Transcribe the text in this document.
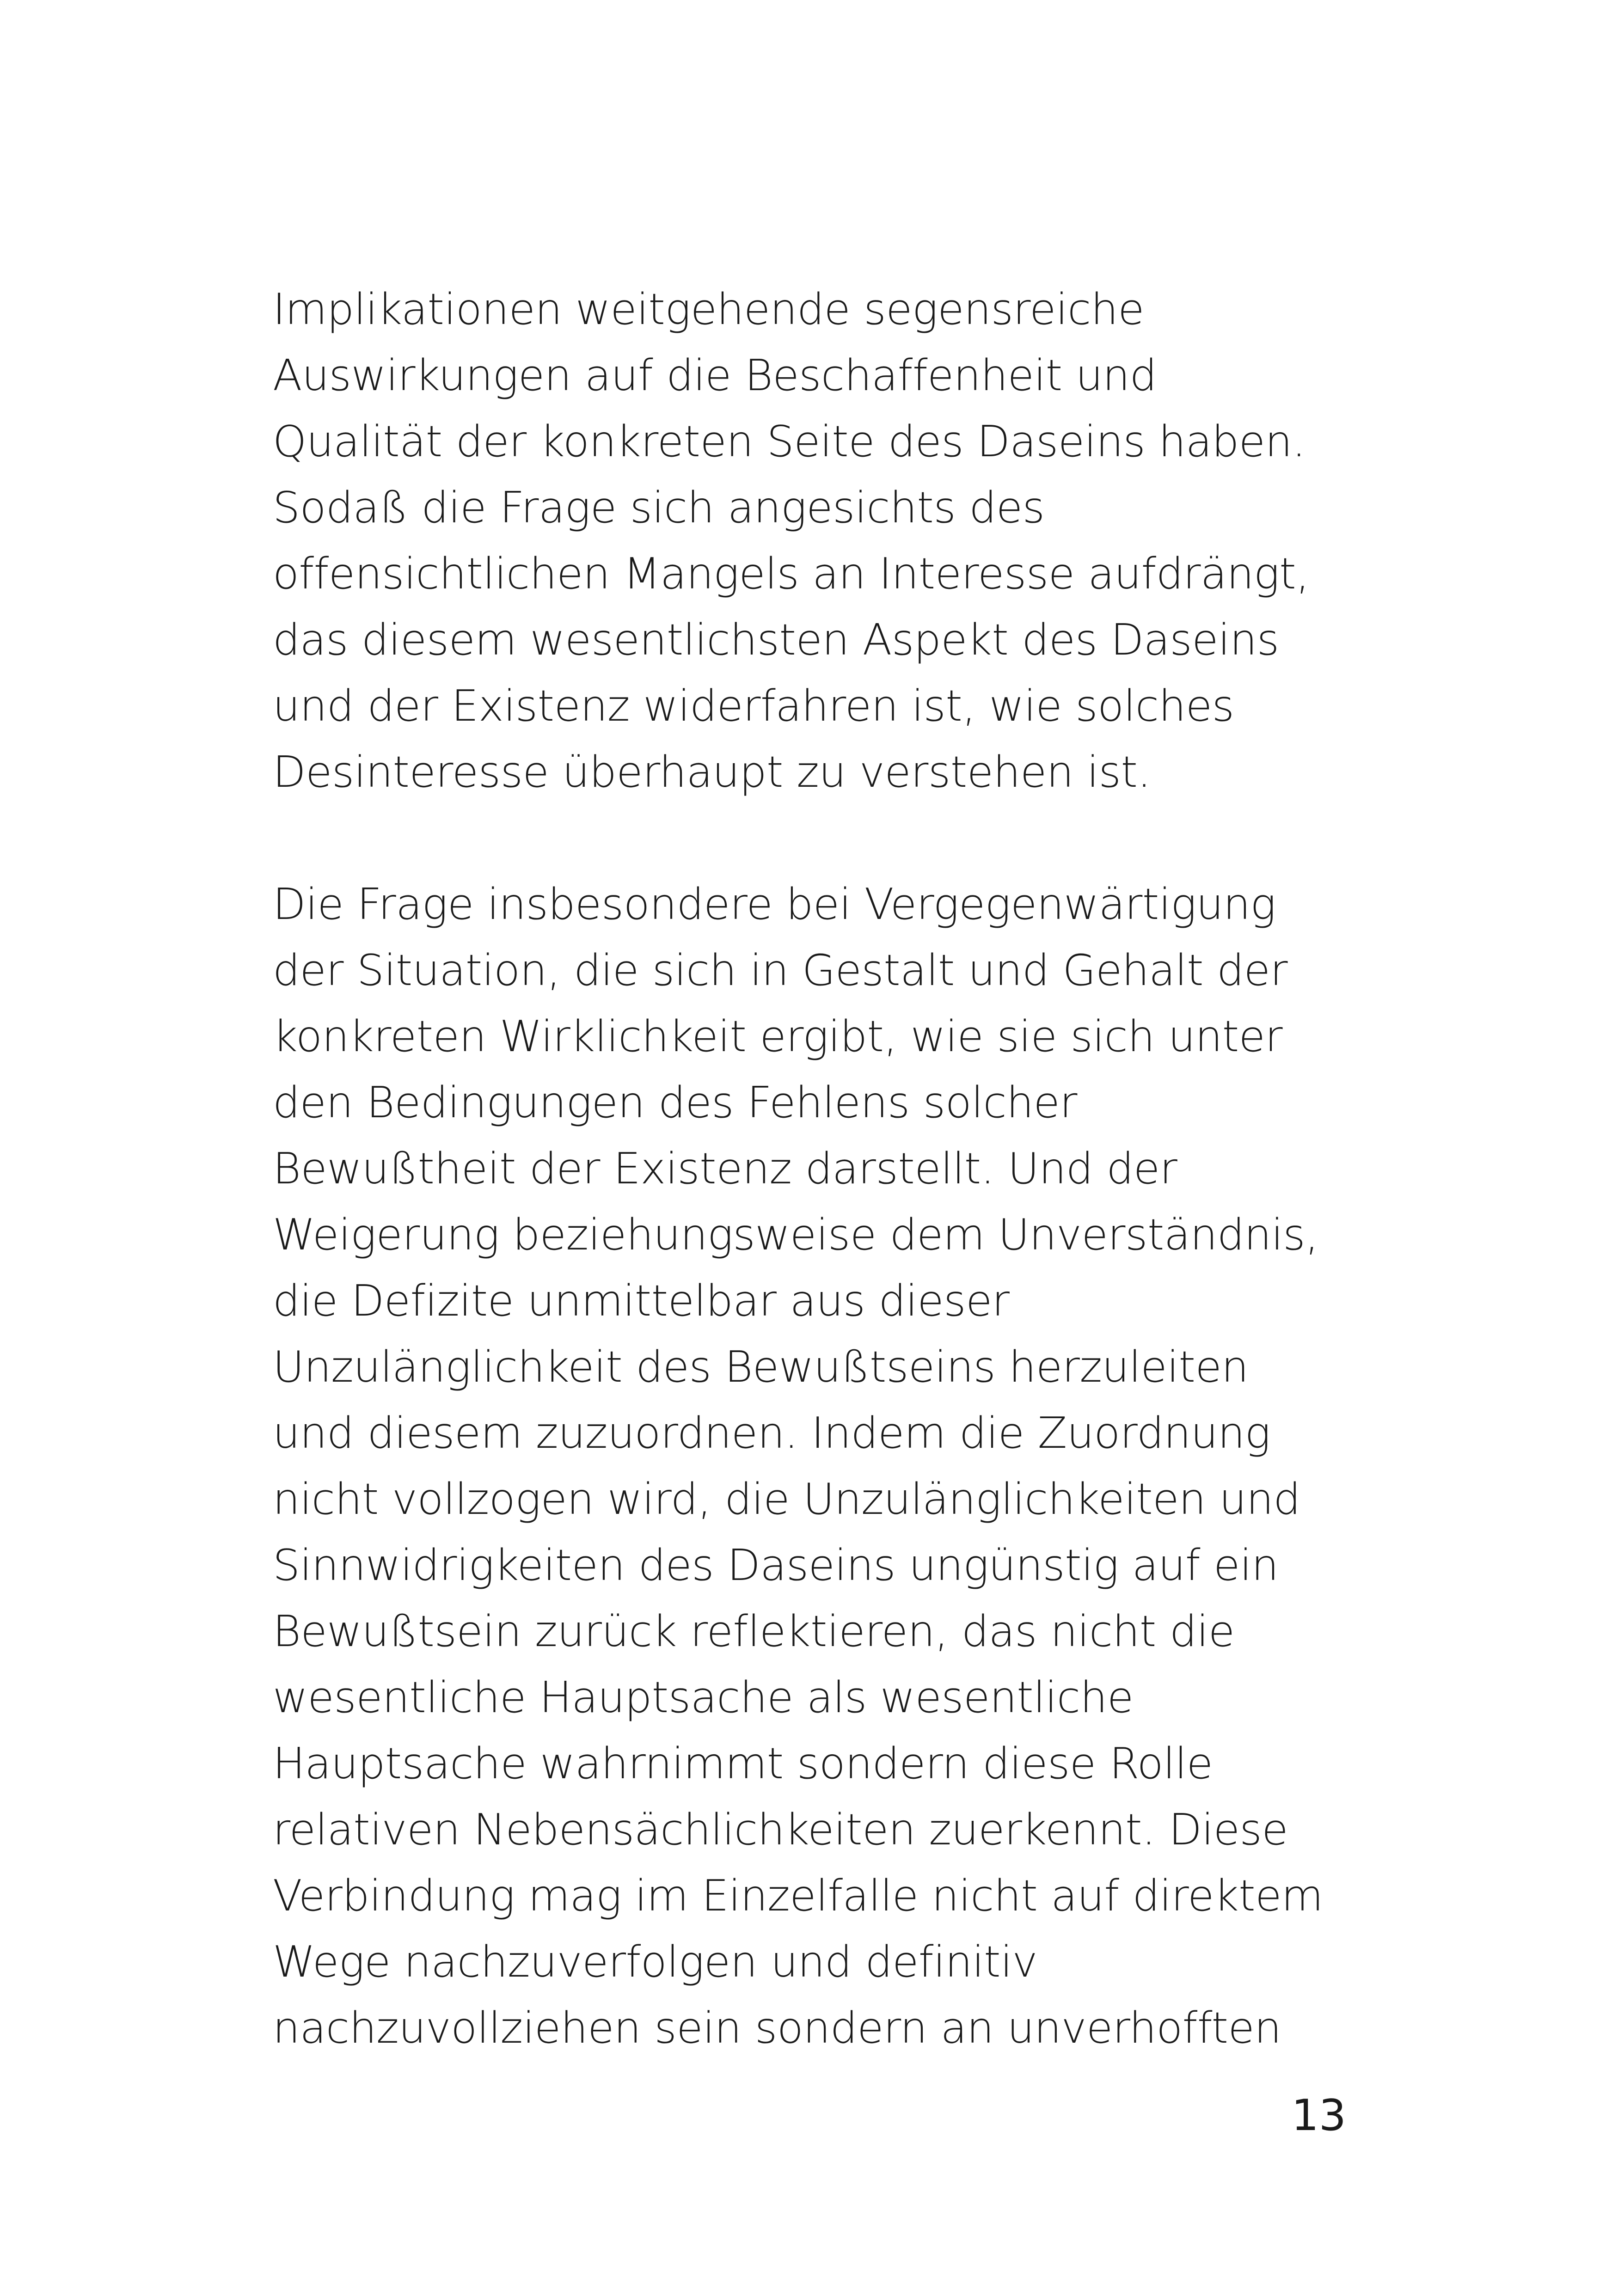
Implikationen weitgehende segensreiche
Auswirkungen auf die Beschaffenheit und
Qualität der konkreten Seite des Daseins haben.
Sodaß die Frage sich angesichts des
offensichtlichen Mangels an Interesse aufdrängt,
das diesem wesentlichsten Aspekt des Daseins
und der Existenz widerfahren ist, wie solches
Desinteresse überhaupt zu verstehen ist.
Die Frage insbesondere bei Vergegenwärtigung
der Situation, die sich in Gestalt und Gehalt der
konkreten Wirklichkeit ergibt, wie sie sich unter
den Bedingungen des Fehlens solcher
Bewußtheit der Existenz darstellt. Und der
Weigerung beziehungsweise dem Unverständnis,
die Defizite unmittelbar aus dieser
Unzulänglichkeit des Bewußtseins herzuleiten
und diesem zuzuordnen. Indem die Zuordnung
nicht vollzogen wird, die Unzulänglichkeiten und
Sinnwidrigkeiten des Daseins ungünstig auf ein
Bewußtsein zurück reflektieren, das nicht die
wesentliche Hauptsache als wesentliche
Hauptsache wahrnimmt sondern diese Rolle
relativen Nebensächlichkeiten zuerkennt. Diese
Verbindung mag im Einzelfalle nicht auf direktem
Wege nachzuverfolgen und definitiv
nachzuvollziehen sein sondern an unverhofften
13
